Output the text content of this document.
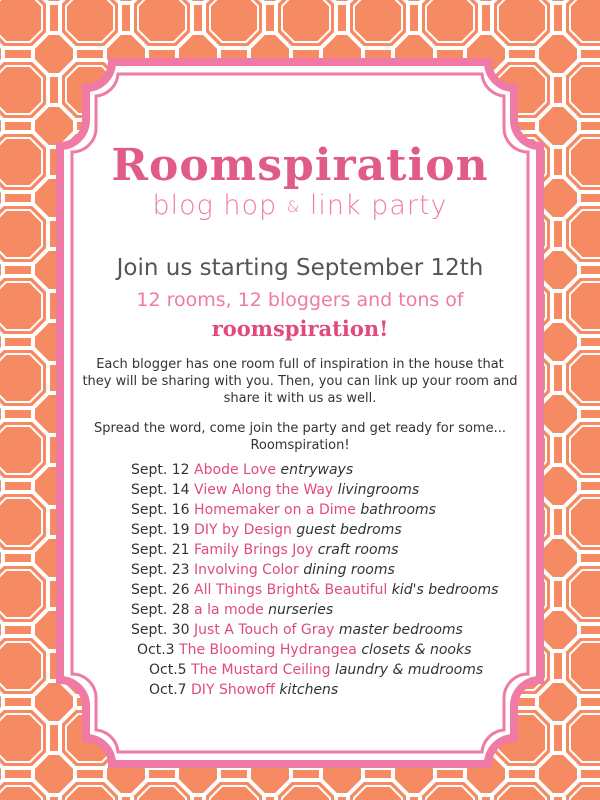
Roomspiration
blog hop & link party
Join us starting September 12th
12 rooms, 12 bloggers and tons of
roomspiration!

Each blogger has one room full of inspiration in the house that they will be sharing with you. Then, you can link up your room and share it with us as well.

Spread the word, come join the party and get ready for some... Roomspiration!

Sept. 12 Abode Love entryways
Sept. 14 View Along the Way livingrooms
Sept. 16 Homemaker on a Dime bathrooms
Sept. 19 DIY by Design guest bedroms
Sept. 21 Family Brings Joy craft rooms
Sept. 23 Involving Color dining rooms
Sept. 26 All Things Bright& Beautiful kid's bedrooms
Sept. 28 a la mode nurseries
Sept. 30 Just A Touch of Gray master bedrooms
Oct.3 The Blooming Hydrangea closets & nooks
Oct.5 The Mustard Ceiling laundry & mudrooms
Oct.7 DIY Showoff kitchens
